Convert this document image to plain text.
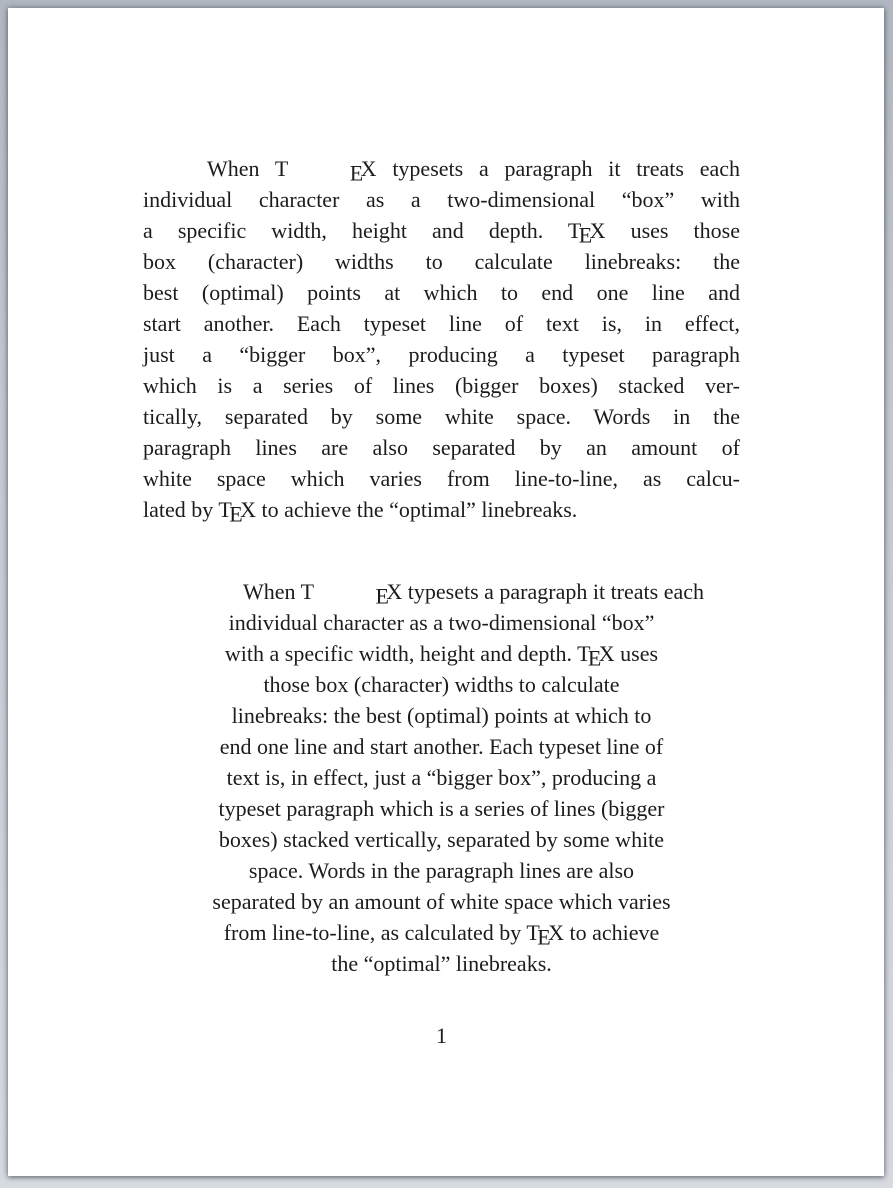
When T	EX typesets a paragraph it treats each
individual character as a two-dimensional “box” with
a specific width, height and depth. TEX uses those
box (character) widths to calculate linebreaks: the
best (optimal) points at which to end one line and
start another. Each typeset line of text is, in effect,
just a “bigger box”, producing a typeset paragraph
which is a series of lines (bigger boxes) stacked ver-
tically, separated by some white space. Words in the
paragraph lines are also separated by an amount of
white space which varies from line-to-line, as calcu-
lated by TEX to achieve the “optimal” linebreaks.
When T	EX typesets a paragraph it treats each
individual character as a two-dimensional “box”
with a specific width, height and depth. TEX uses
those box (character) widths to calculate
linebreaks: the best (optimal) points at which to
end one line and start another. Each typeset line of
text is, in effect, just a “bigger box”, producing a
typeset paragraph which is a series of lines (bigger
boxes) stacked vertically, separated by some white
space. Words in the paragraph lines are also
separated by an amount of white space which varies
from line-to-line, as calculated by TEX to achieve
the “optimal” linebreaks.
1
